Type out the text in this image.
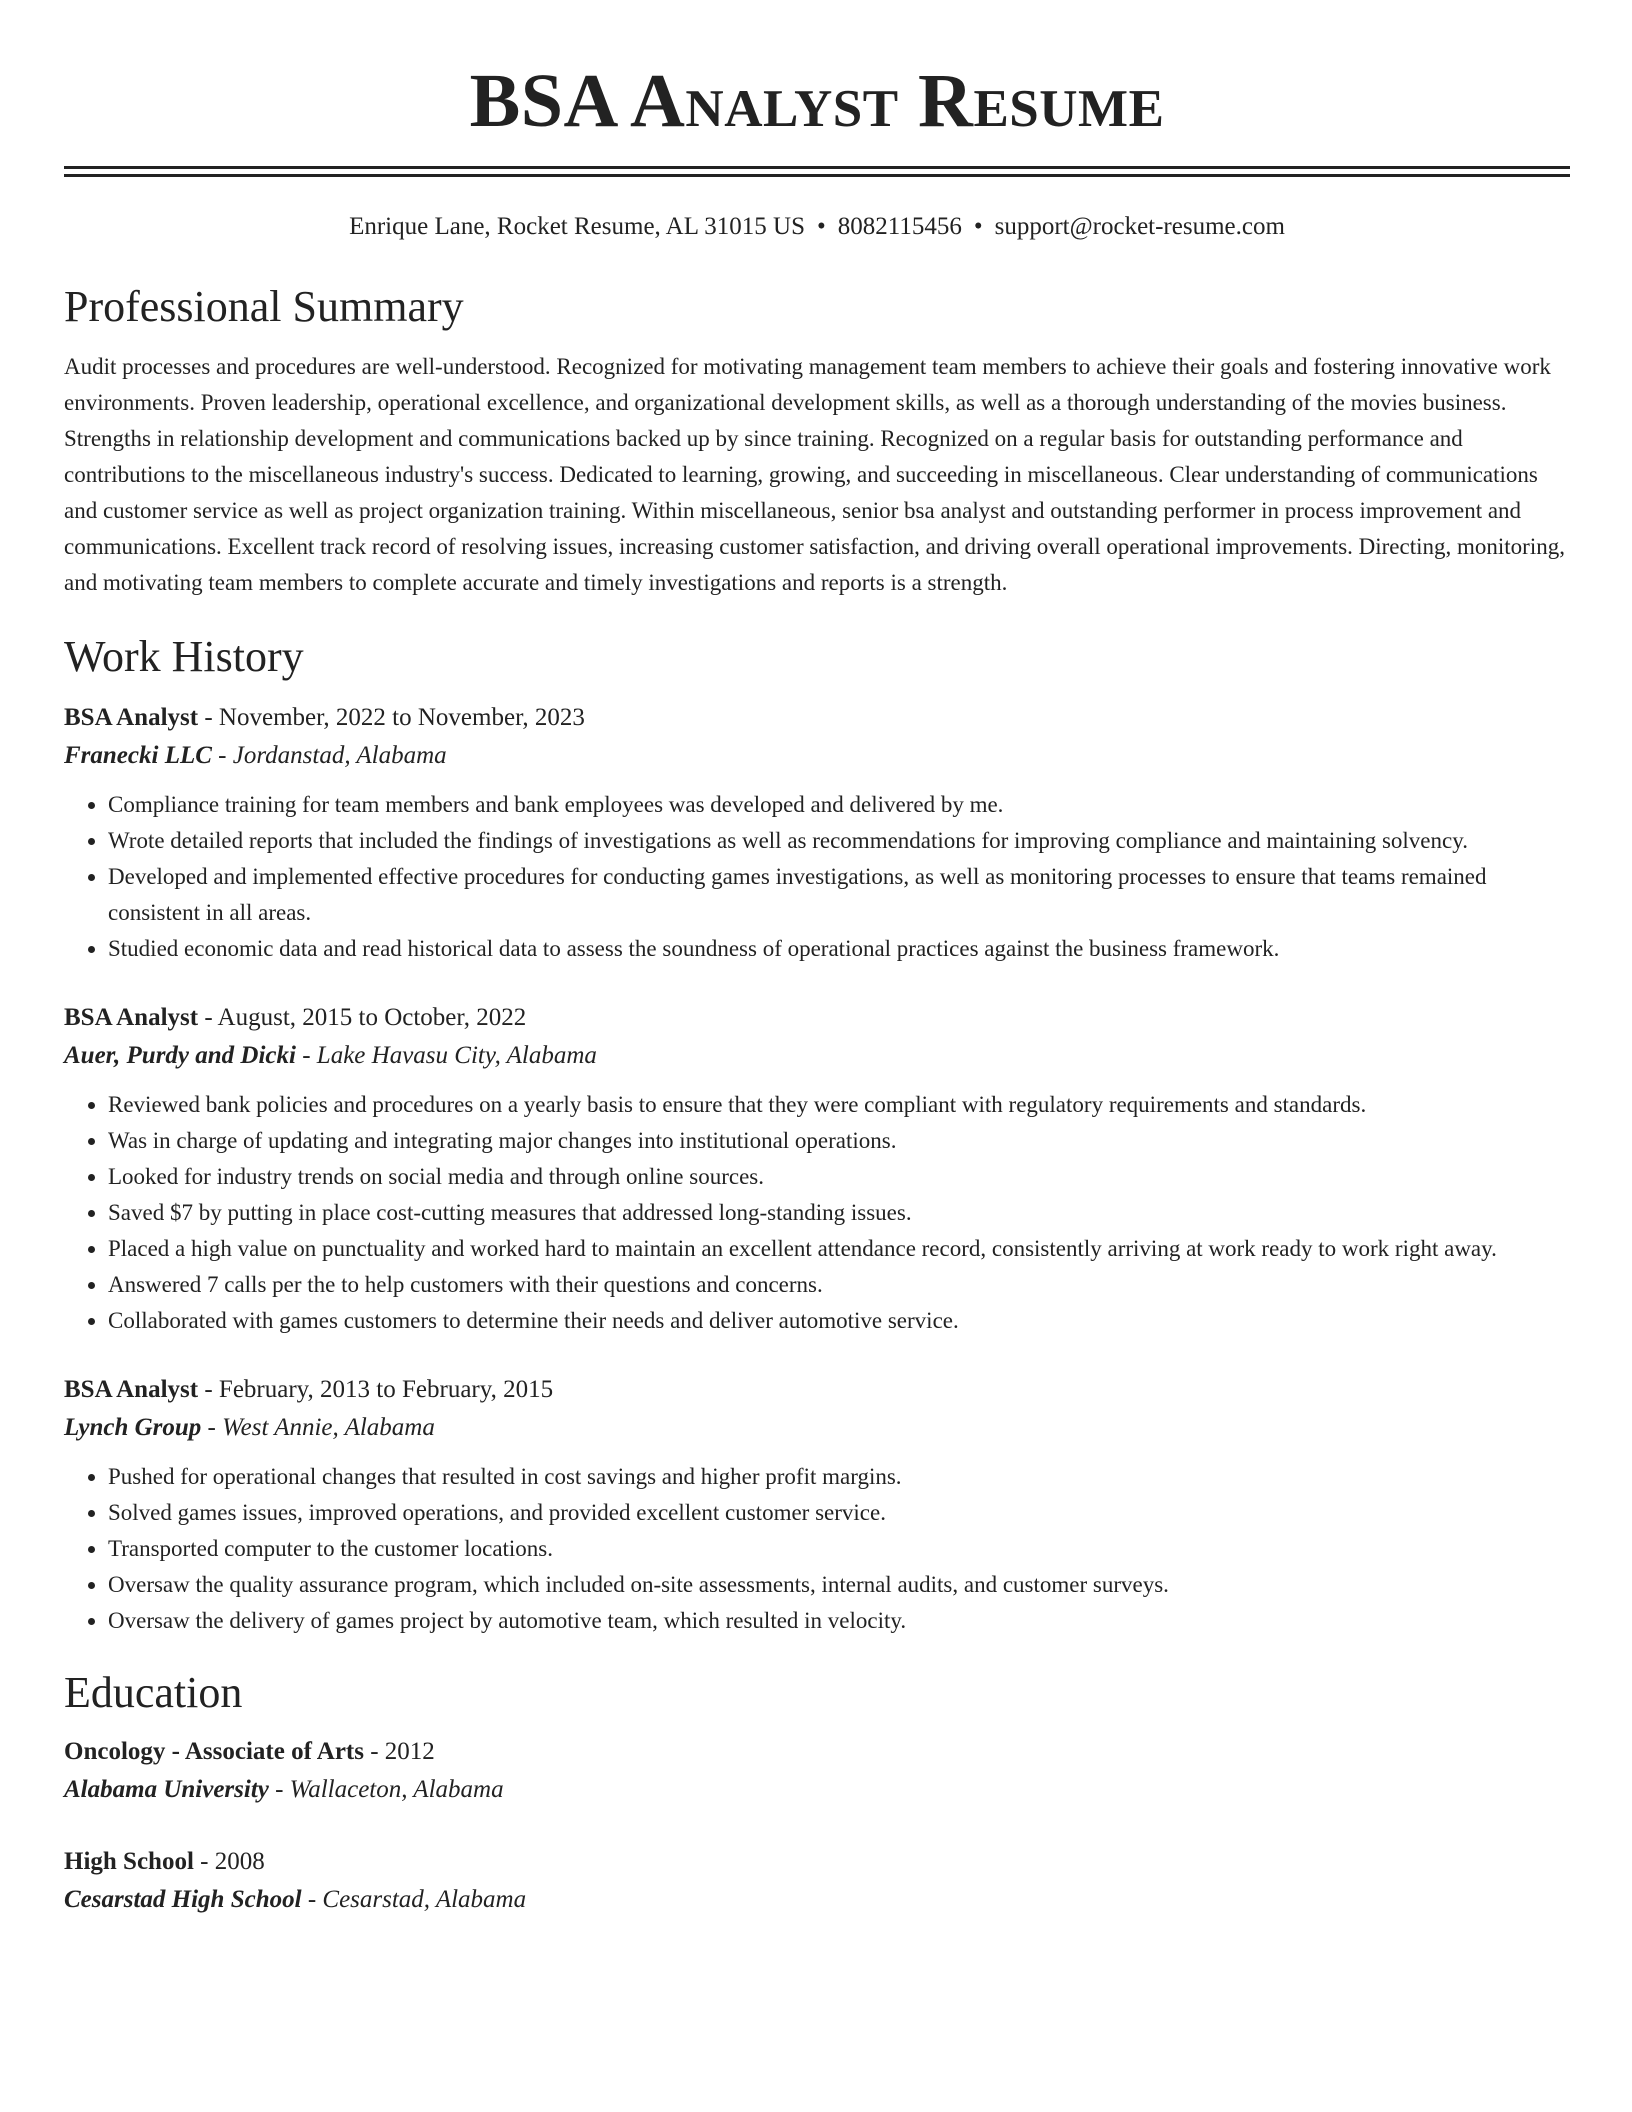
BSA Analyst Resume
Enrique Lane, Rocket Resume, AL 31015 US • 8082115456 • support@rocket-resume.com
Professional Summary

Audit processes and procedures are well-understood. Recognized for motivating management team members to achieve their goals and fostering innovative work environments. Proven leadership, operational excellence, and organizational development skills, as well as a thorough understanding of the movies business. Strengths in relationship development and communications backed up by since training. Recognized on a regular basis for outstanding performance and contributions to the miscellaneous industry's success. Dedicated to learning, growing, and succeeding in miscellaneous. Clear understanding of communications and customer service as well as project organization training. Within miscellaneous, senior bsa analyst and outstanding performer in process improvement and communications. Excellent track record of resolving issues, increasing customer satisfaction, and driving overall operational improvements. Directing, monitoring, and motivating team members to complete accurate and timely investigations and reports is a strength.

Work History
BSA Analyst - November, 2022 to November, 2023
Franecki LLC - Jordanstad, Alabama
• Compliance training for team members and bank employees was developed and delivered by me.
• Wrote detailed reports that included the findings of investigations as well as recommendations for improving compliance and maintaining solvency.
• Developed and implemented effective procedures for conducting games investigations, as well as monitoring processes to ensure that teams remained consistent in all areas.
• Studied economic data and read historical data to assess the soundness of operational practices against the business framework.
BSA Analyst - August, 2015 to October, 2022
Auer, Purdy and Dicki - Lake Havasu City, Alabama
• Reviewed bank policies and procedures on a yearly basis to ensure that they were compliant with regulatory requirements and standards.
• Was in charge of updating and integrating major changes into institutional operations.
• Looked for industry trends on social media and through online sources.
• Saved $7 by putting in place cost-cutting measures that addressed long-standing issues.
• Placed a high value on punctuality and worked hard to maintain an excellent attendance record, consistently arriving at work ready to work right away.
• Answered 7 calls per the to help customers with their questions and concerns.
• Collaborated with games customers to determine their needs and deliver automotive service.
BSA Analyst - February, 2013 to February, 2015
Lynch Group - West Annie, Alabama
• Pushed for operational changes that resulted in cost savings and higher profit margins.
• Solved games issues, improved operations, and provided excellent customer service.
• Transported computer to the customer locations.
• Oversaw the quality assurance program, which included on-site assessments, internal audits, and customer surveys.
• Oversaw the delivery of games project by automotive team, which resulted in velocity.
Education
Oncology - Associate of Arts - 2012
Alabama University - Wallaceton, Alabama
High School - 2008
Cesarstad High School - Cesarstad, Alabama
